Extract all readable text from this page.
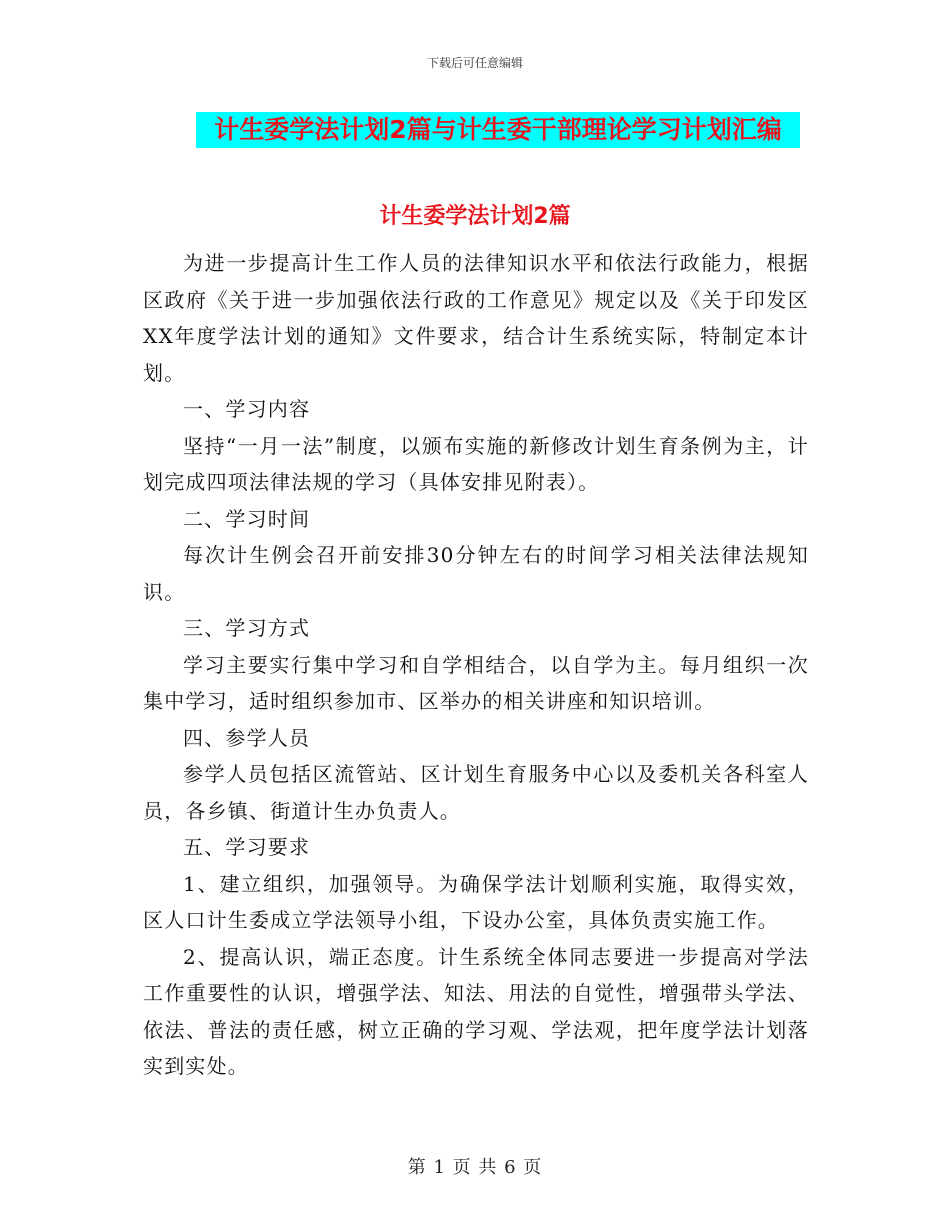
下载后可任意编辑
计生委学法计划2篇与计生委干部理论学习计划汇编
计生委学法计划2篇

为进一步提高计生工作人员的法律知识水平和依法行政能力，根据区政府《关于进一步加强依法行政的工作意见》规定以及《关于印发区XX年度学法计划的通知》文件要求，结合计生系统实际，特制定本计划。

一、学习内容

坚持“一月一法”制度，以颁布实施的新修改计划生育条例为主，计划完成四项法律法规的学习（具体安排见附表）。

二、学习时间

每次计生例会召开前安排30分钟左右的时间学习相关法律法规知识。

三、学习方式

学习主要实行集中学习和自学相结合，以自学为主。每月组织一次集中学习，适时组织参加市、区举办的相关讲座和知识培训。

四、参学人员

参学人员包括区流管站、区计划生育服务中心以及委机关各科室人员，各乡镇、街道计生办负责人。

五、学习要求

1、建立组织，加强领导。为确保学法计划顺利实施，取得实效，区人口计生委成立学法领导小组，下设办公室，具体负责实施工作。

2、提高认识，端正态度。计生系统全体同志要进一步提高对学法工作重要性的认识，增强学法、知法、用法的自觉性，增强带头学法、依法、普法的责任感，树立正确的学习观、学法观，把年度学法计划落实到实处。

第 1 页 共 6 页
